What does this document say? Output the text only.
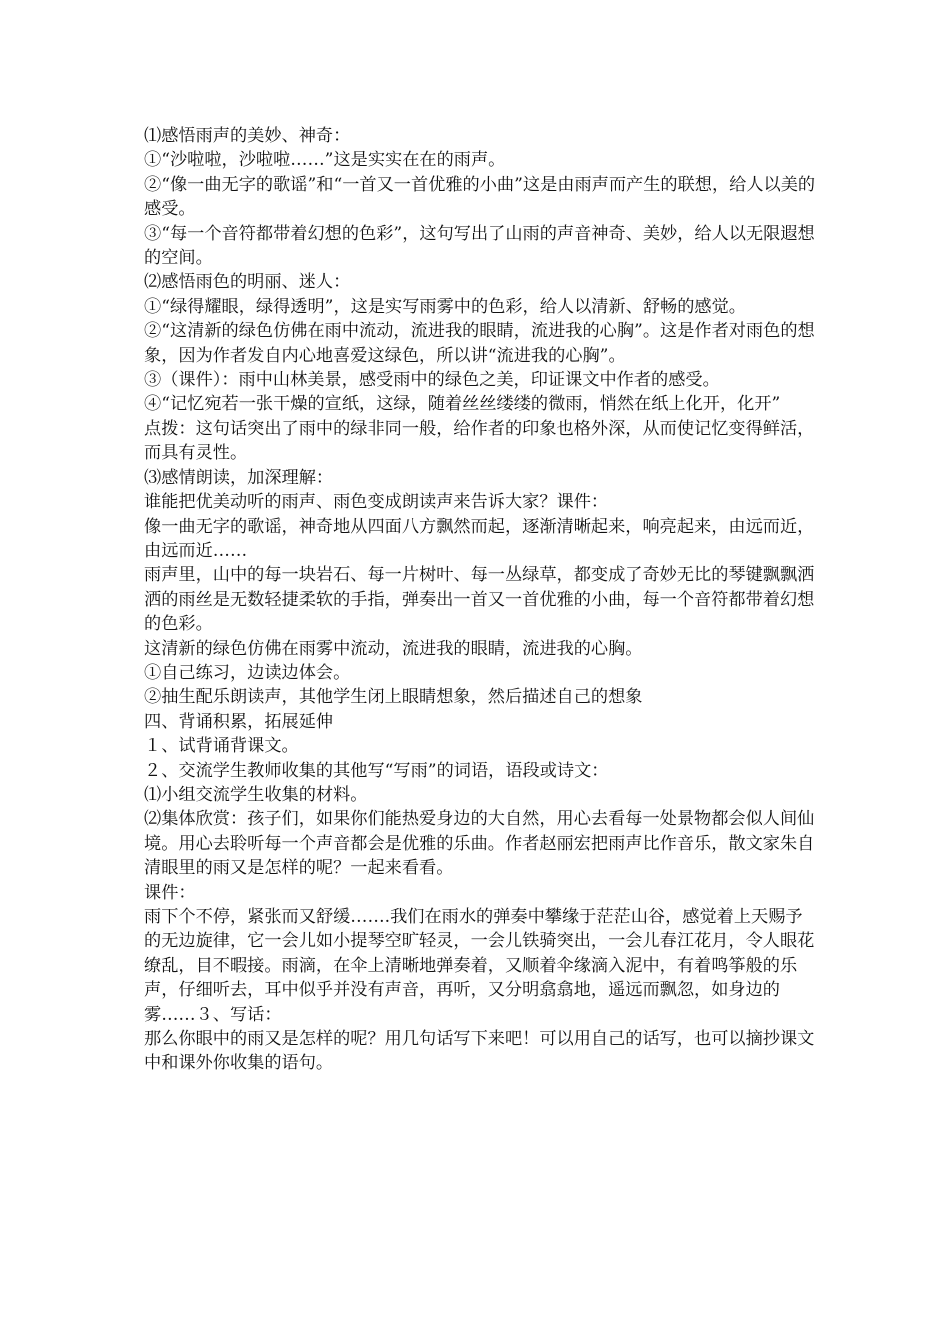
⑴感悟雨声的美妙、神奇：

①“沙啦啦，沙啦啦……”这是实实在在的雨声。

②“像一曲无字的歌谣”和“一首又一首优雅的小曲”这是由雨声而产生的联想，给人以美的感受。

③“每一个音符都带着幻想的色彩”，这句写出了山雨的声音神奇、美妙，给人以无限遐想的空间。

⑵感悟雨色的明丽、迷人：

①“绿得耀眼，绿得透明”，这是实写雨雾中的色彩，给人以清新、舒畅的感觉。

②“这清新的绿色仿佛在雨中流动，流进我的眼睛，流进我的心胸”。这是作者对雨色的想象，因为作者发自内心地喜爱这绿色，所以讲“流进我的心胸”。

③（课件）：雨中山林美景，感受雨中的绿色之美，印证课文中作者的感受。

④“记忆宛若一张干燥的宣纸，这绿，随着丝丝缕缕的微雨，悄然在纸上化开，化开”

点拨：这句话突出了雨中的绿非同一般，给作者的印象也格外深，从而使记忆变得鲜活，而具有灵性。

⑶感情朗读，加深理解：

谁能把优美动听的雨声、雨色变成朗读声来告诉大家？课件：

像一曲无字的歌谣，神奇地从四面八方飘然而起，逐渐清晰起来，响亮起来，由远而近，由远而近……

雨声里，山中的每一块岩石、每一片树叶、每一丛绿草，都变成了奇妙无比的琴键飘飘洒洒的雨丝是无数轻捷柔软的手指，弹奏出一首又一首优雅的小曲，每一个音符都带着幻想的色彩。

这清新的绿色仿佛在雨雾中流动，流进我的眼睛，流进我的心胸。

①自己练习，边读边体会。

②抽生配乐朗读声，其他学生闭上眼睛想象，然后描述自己的想象

四、背诵积累，拓展延伸

１、试背诵背课文。

２、交流学生教师收集的其他写“写雨”的词语，语段或诗文：

⑴小组交流学生收集的材料。

⑵集体欣赏：孩子们，如果你们能热爱身边的大自然，用心去看每一处景物都会似人间仙境。用心去聆听每一个声音都会是优雅的乐曲。作者赵丽宏把雨声比作音乐，散文家朱自清眼里的雨又是怎样的呢？一起来看看。

课件：

雨下个不停，紧张而又舒缓…….我们在雨水的弹奏中攀缘于茫茫山谷，感觉着上天赐予的无边旋律，它一会儿如小提琴空旷轻灵，一会儿铁骑突出，一会儿春江花月，令人眼花缭乱，目不暇接。雨滴，在伞上清晰地弹奏着，又顺着伞缘滴入泥中，有着鸣筝般的乐声，仔细听去，耳中似乎并没有声音，再听，又分明翕翕地，遥远而飘忽，如身边的雾……３、写话：

那么你眼中的雨又是怎样的呢？用几句话写下来吧！可以用自己的话写，也可以摘抄课文中和课外你收集的语句。
